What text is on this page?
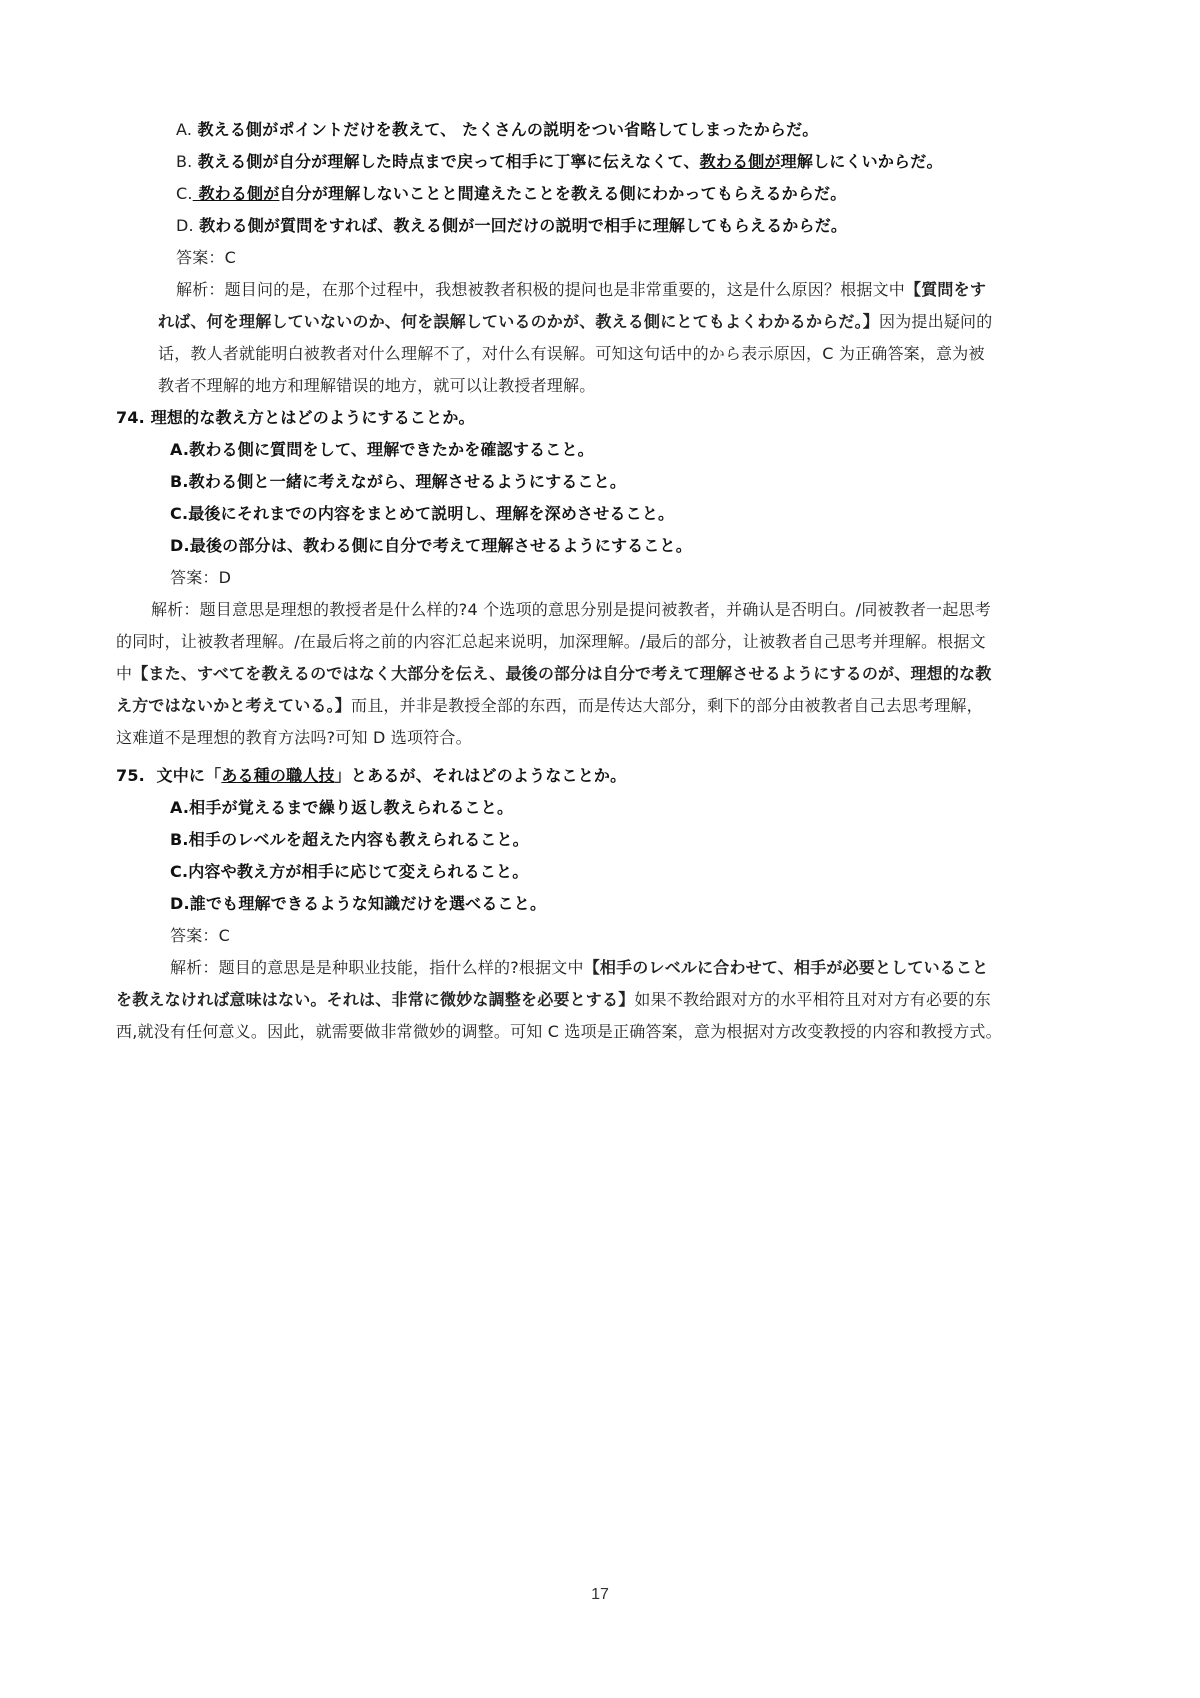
A. 教える側がポイントだけを教えて、 たくさんの説明をつい省略してしまったからだ。
B. 教える側が自分が理解した時点まで戻って相手に丁寧に伝えなくて、教わる側が理解しにくいからだ。
C. 教わる側が自分が理解しないことと間違えたことを教える側にわかってもらえるからだ。
D. 教わる側が質問をすれば、教える側が一回だけの説明で相手に理解してもらえるからだ。
答案：C
解析：题目问的是，在那个过程中，我想被教者积极的提问也是非常重要的，这是什么原因？根据文中【質問をす
れば、何を理解していないのか、何を誤解しているのかが、教える側にとてもよくわかるからだ。】因为提出疑问的
话，教人者就能明白被教者对什么理解不了，对什么有误解。可知这句话中的から表示原因，C 为正确答案，意为被
教者不理解的地方和理解错误的地方，就可以让教授者理解。
74. 理想的な教え方とはどのようにすることか。
A.教わる側に質問をして、理解できたかを確認すること。
B.教わる側と一緒に考えながら、理解させるようにすること。
C.最後にそれまでの内容をまとめて説明し、理解を深めさせること。
D.最後の部分は、教わる側に自分で考えて理解させるようにすること。
答案：D
解析：题目意思是理想的教授者是什么样的?4 个选项的意思分别是提问被教者，并确认是否明白。/同被教者一起思考
的同时，让被教者理解。/在最后将之前的内容汇总起来说明，加深理解。/最后的部分，让被教者自己思考并理解。根据文
中【また、すべてを教えるのではなく大部分を伝え、最後の部分は自分で考えて理解させるようにするのが、理想的な教
え方ではないかと考えている。】而且，并非是教授全部的东西，而是传达大部分，剩下的部分由被教者自己去思考理解，
这难道不是理想的教育方法吗?可知 D 选项符合。
75. 文中に「ある種の職人技」とあるが、それはどのようなことか。
A.相手が覚えるまで繰り返し教えられること。
B.相手のレベルを超えた内容も教えられること。
C.内容や教え方が相手に応じて変えられること。
D.誰でも理解できるような知識だけを選べること。
答案：C
解析：题目的意思是是种职业技能，指什么样的?根据文中【相手のレベルに合わせて、相手が必要としていること
を教えなければ意味はない。それは、非常に微妙な調整を必要とする】如果不教给跟对方的水平相符且对对方有必要的东
西,就没有任何意义。因此，就需要做非常微妙的调整。可知 C 选项是正确答案，意为根据对方改变教授的内容和教授方式。
17
